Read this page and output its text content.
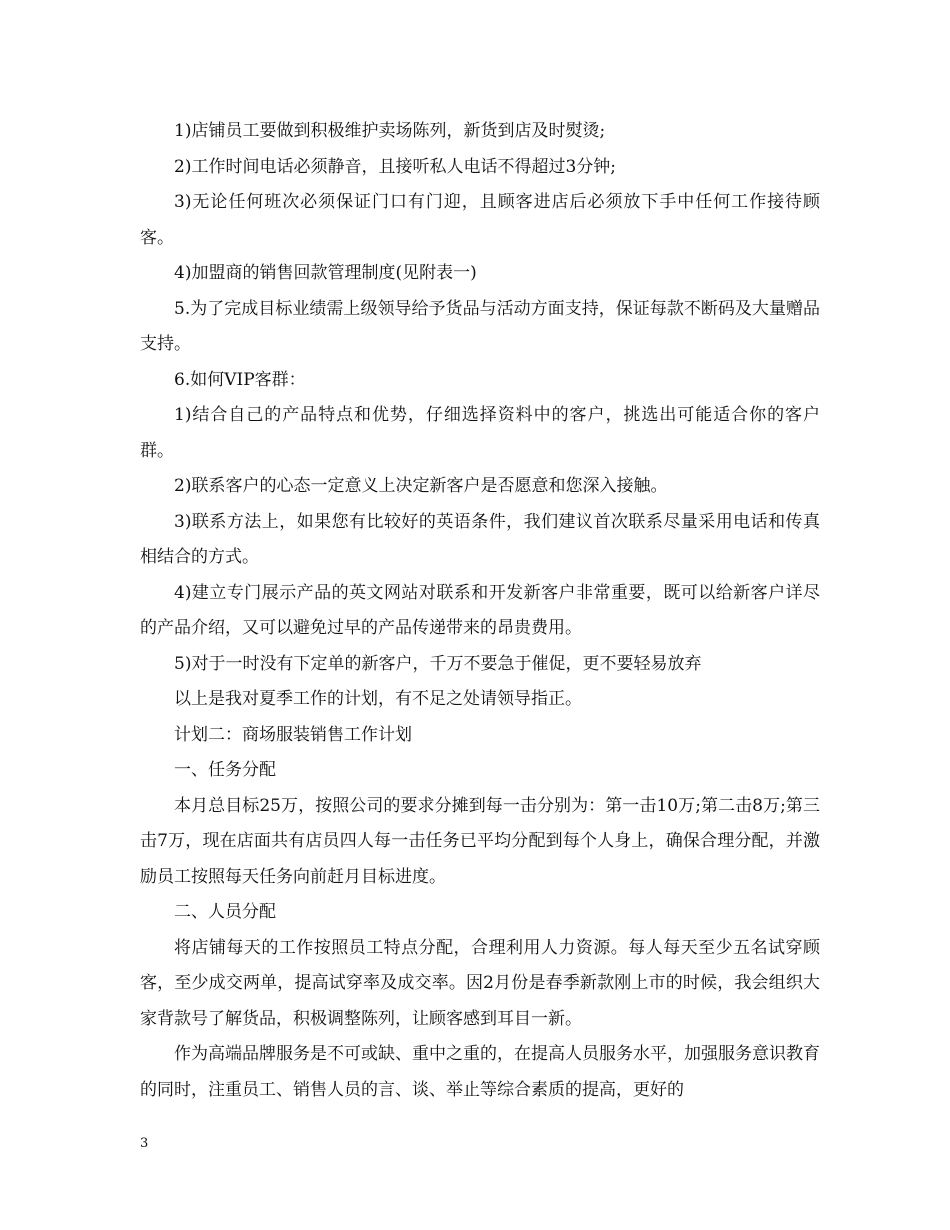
1)店铺员工要做到积极维护卖场陈列，新货到店及时熨烫;

2)工作时间电话必须静音，且接听私人电话不得超过3分钟;

3)无论任何班次必须保证门口有门迎，且顾客进店后必须放下手中任何工作接待顾客。

4)加盟商的销售回款管理制度(见附表一)

5.为了完成目标业绩需上级领导给予货品与活动方面支持，保证每款不断码及大量赠品支持。

6.如何VIP客群：

1)结合自己的产品特点和优势，仔细选择资料中的客户，挑选出可能适合你的客户群。

2)联系客户的心态一定意义上决定新客户是否愿意和您深入接触。

3)联系方法上，如果您有比较好的英语条件，我们建议首次联系尽量采用电话和传真相结合的方式。

4)建立专门展示产品的英文网站对联系和开发新客户非常重要，既可以给新客户详尽的产品介绍，又可以避免过早的产品传递带来的昂贵费用。

5)对于一时没有下定单的新客户，千万不要急于催促，更不要轻易放弃

以上是我对夏季工作的计划，有不足之处请领导指正。

计划二：商场服装销售工作计划

一、任务分配

本月总目标25万，按照公司的要求分摊到每一击分别为：第一击10万;第二击8万;第三击7万，现在店面共有店员四人每一击任务已平均分配到每个人身上，确保合理分配，并激励员工按照每天任务向前赶月目标进度。

二、人员分配

将店铺每天的工作按照员工特点分配，合理利用人力资源。每人每天至少五名试穿顾客，至少成交两单，提高试穿率及成交率。因2月份是春季新款刚上市的时候，我会组织大家背款号了解货品，积极调整陈列，让顾客感到耳目一新。

作为高端品牌服务是不可或缺、重中之重的，在提高人员服务水平，加强服务意识教育的同时，注重员工、销售人员的言、谈、举止等综合素质的提高，更好的

3
